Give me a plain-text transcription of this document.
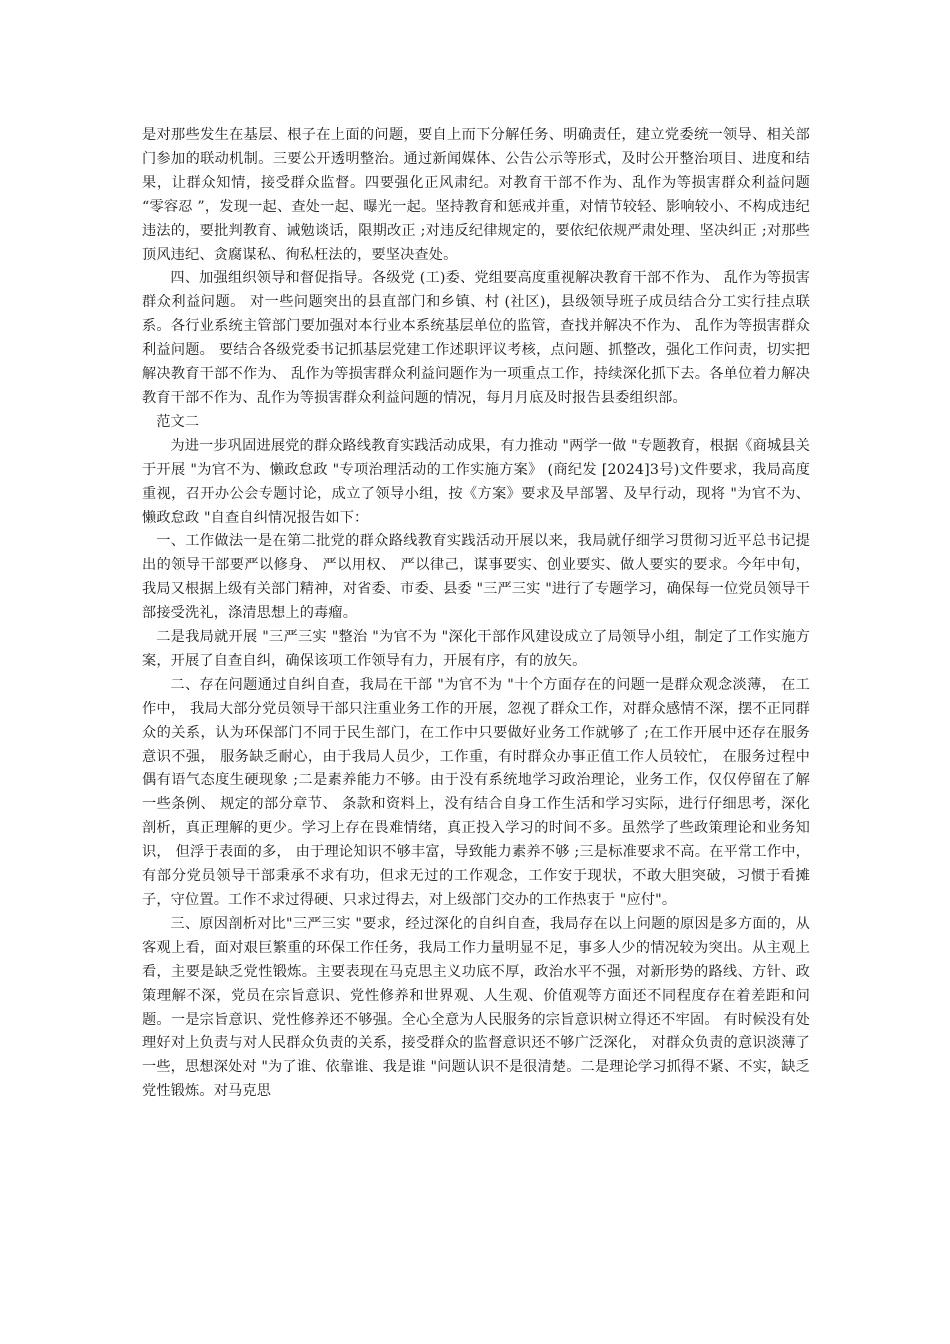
是对那些发生在基层、根子在上面的问题，要自上而下分解任务、明确责任，建立党委统一领导、相关部门参加的联动机制。三要公开透明整治。通过新闻媒体、公告公示等形式，及时公开整治项目、进度和结果，让群众知情，接受群众监督。四要强化正风肃纪。对教育干部不作为、乱作为等损害群众利益问题 “零容忍 ”，发现一起、查处一起、曝光一起。坚持教育和惩戒并重，对情节较轻、影响较小、不构成违纪违法的，要批判教育、诫勉谈话，限期改正 ;对违反纪律规定的，要依纪依规严肃处理、坚决纠正 ;对那些顶风违纪、贪腐谋私、徇私枉法的，要坚决查处。

四、加强组织领导和督促指导。各级党 (工)委、党组要高度重视解决教育干部不作为、 乱作为等损害群众利益问题。 对一些问题突出的县直部门和乡镇、村 (社区)，县级领导班子成员结合分工实行挂点联系。各行业系统主管部门要加强对本行业本系统基层单位的监管，查找并解决不作为、 乱作为等损害群众利益问题。 要结合各级党委书记抓基层党建工作述职评议考核，点问题、抓整改，强化工作问责，切实把解决教育干部不作为、 乱作为等损害群众利益问题作为一项重点工作，持续深化抓下去。各单位着力解决教育干部不作为、乱作为等损害群众利益问题的情况，每月月底及时报告县委组织部。

范文二

为进一步巩固进展党的群众路线教育实践活动成果，有力推动 "两学一做 "专题教育，根据《商城县关于开展 "为官不为、懒政怠政 "专项治理活动的工作实施方案》 (商纪发 [2024]3号)文件要求，我局高度重视，召开办公会专题讨论，成立了领导小组，按《方案》要求及早部署、及早行动，现将 "为官不为、懒政怠政 "自查自纠情况报告如下：

一、工作做法一是在第二批党的群众路线教育实践活动开展以来，我局就仔细学习贯彻习近平总书记提出的领导干部要严以修身、 严以用权、 严以律己，谋事要实、创业要实、做人要实的要求。今年中旬，我局又根据上级有关部门精神，对省委、市委、县委 "三严三实 "进行了专题学习，确保每一位党员领导干部接受洗礼，涤清思想上的毒瘤。

二是我局就开展 "三严三实 "整治 "为官不为 "深化干部作风建设成立了局领导小组，制定了工作实施方案，开展了自查自纠，确保该项工作领导有力，开展有序，有的放矢。

二、存在问题通过自纠自查，我局在干部 "为官不为 "十个方面存在的问题一是群众观念淡薄， 在工作中， 我局大部分党员领导干部只注重业务工作的开展，忽视了群众工作，对群众感情不深，摆不正同群众的关系，认为环保部门不同于民生部门，在工作中只要做好业务工作就够了 ;在工作开展中还存在服务意识不强， 服务缺乏耐心，由于我局人员少，工作重，有时群众办事正值工作人员较忙， 在服务过程中偶有语气态度生硬现象 ;二是素养能力不够。由于没有系统地学习政治理论，业务工作，仅仅停留在了解一些条例、 规定的部分章节、 条款和资料上，没有结合自身工作生活和学习实际，进行仔细思考，深化剖析，真正理解的更少。学习上存在畏难情绪，真正投入学习的时间不多。虽然学了些政策理论和业务知识， 但浮于表面的多， 由于理论知识不够丰富，导致能力素养不够 ;三是标准要求不高。在平常工作中，有部分党员领导干部秉承不求有功，但求无过的工作观念，工作安于现状，不敢大胆突破，习惯于看摊子，守位置。工作不求过得硬、只求过得去，对上级部门交办的工作热衷于 "应付"。

三、原因剖析对比"三严三实 "要求，经过深化的自纠自查，我局存在以上问题的原因是多方面的，从客观上看，面对艰巨繁重的环保工作任务，我局工作力量明显不足，事多人少的情况较为突出。从主观上看，主要是缺乏党性锻炼。主要表现在马克思主义功底不厚，政治水平不强，对新形势的路线、方针、政策理解不深，党员在宗旨意识、党性修养和世界观、人生观、价值观等方面还不同程度存在着差距和问题。一是宗旨意识、党性修养还不够强。全心全意为人民服务的宗旨意识树立得还不牢固。 有时候没有处理好对上负责与对人民群众负责的关系，接受群众的监督意识还不够广泛深化， 对群众负责的意识淡薄了一些，思想深处对 "为了谁、依靠谁、我是谁 "问题认识不是很清楚。二是理论学习抓得不紧、不实，缺乏党性锻炼。对马克思
